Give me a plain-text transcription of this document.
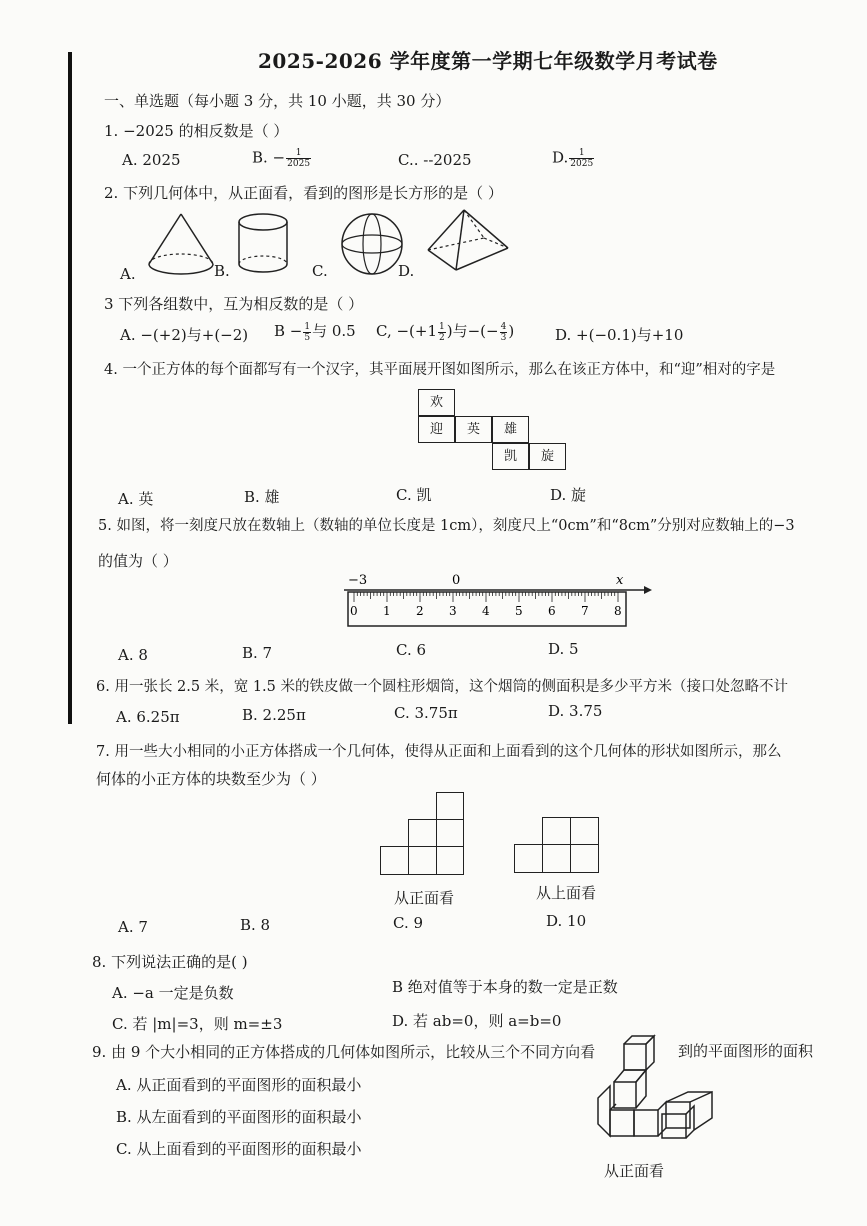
2025-2026 学年度第一学期七年级数学月考试卷
一、单选题（每小题 3 分，共 10 小题，共 30 分）
1. −2025 的相反数是（ ）
A. 2025	B. − $\frac{1}{2025}$	C.. --2025	D. $\frac{1}{2025}$
2. 下列几何体中，从正面看，看到的图形是长方形的是（ ）
A.	B.	C.	D.
3 下列各组数中，互为相反数的是（ ）
A. −(+2)与+(−2) $B - \frac{1}{5}$ 与 0.5 C, $-(+1 \frac{1}{2}$ )与−(− $\frac{4}{3}$ )	D. +(−0.1)与+10
4. 一个正方体的每个面都写有一个汉字，其平面展开图如图所示，那么在该正方体中，和“迎”相对的字是
欢
迎	英	雄
凯	旋
A. 英	B. 雄	C. 凯	D. 旋
5. 如图，将一刻度尺放在数轴上（数轴的单位长度是 1cm），刻度尺上“0cm”和“8cm”分别对应数轴上的−3
的值为（ ）
−3	0	x
0 1 2 3 4 5 6 7 8
A. 8	B. 7	C. 6	D. 5
6. 用一张长 2.5 米，宽 1.5 米的铁皮做一个圆柱形烟筒，这个烟筒的侧面积是多少平方米（接口处忽略不计
A. 6.25π	B. 2.25π	C. 3.75π	D. 3.75
7. 用一些大小相同的小正方体搭成一个几何体，使得从正面和上面看到的这个几何体的形状如图所示，那么
何体的小正方体的块数至少为（ ）
从正面看	从上面看
A. 7	B. 8	C. 9	D. 10
8. 下列说法正确的是( )
A. −a 一定是负数	B 绝对值等于本身的数一定是正数
C. 若 |m|=3，则 m=±3	D. 若 ab=0，则 a=b=0
9. 由 9 个大小相同的正方体搭成的几何体如图所示，比较从三个不同方向看	到的平面图形的面积
A. 从正面看到的平面图形的面积最小
B. 从左面看到的平面图形的面积最小
C. 从上面看到的平面图形的面积最小
从正面看
